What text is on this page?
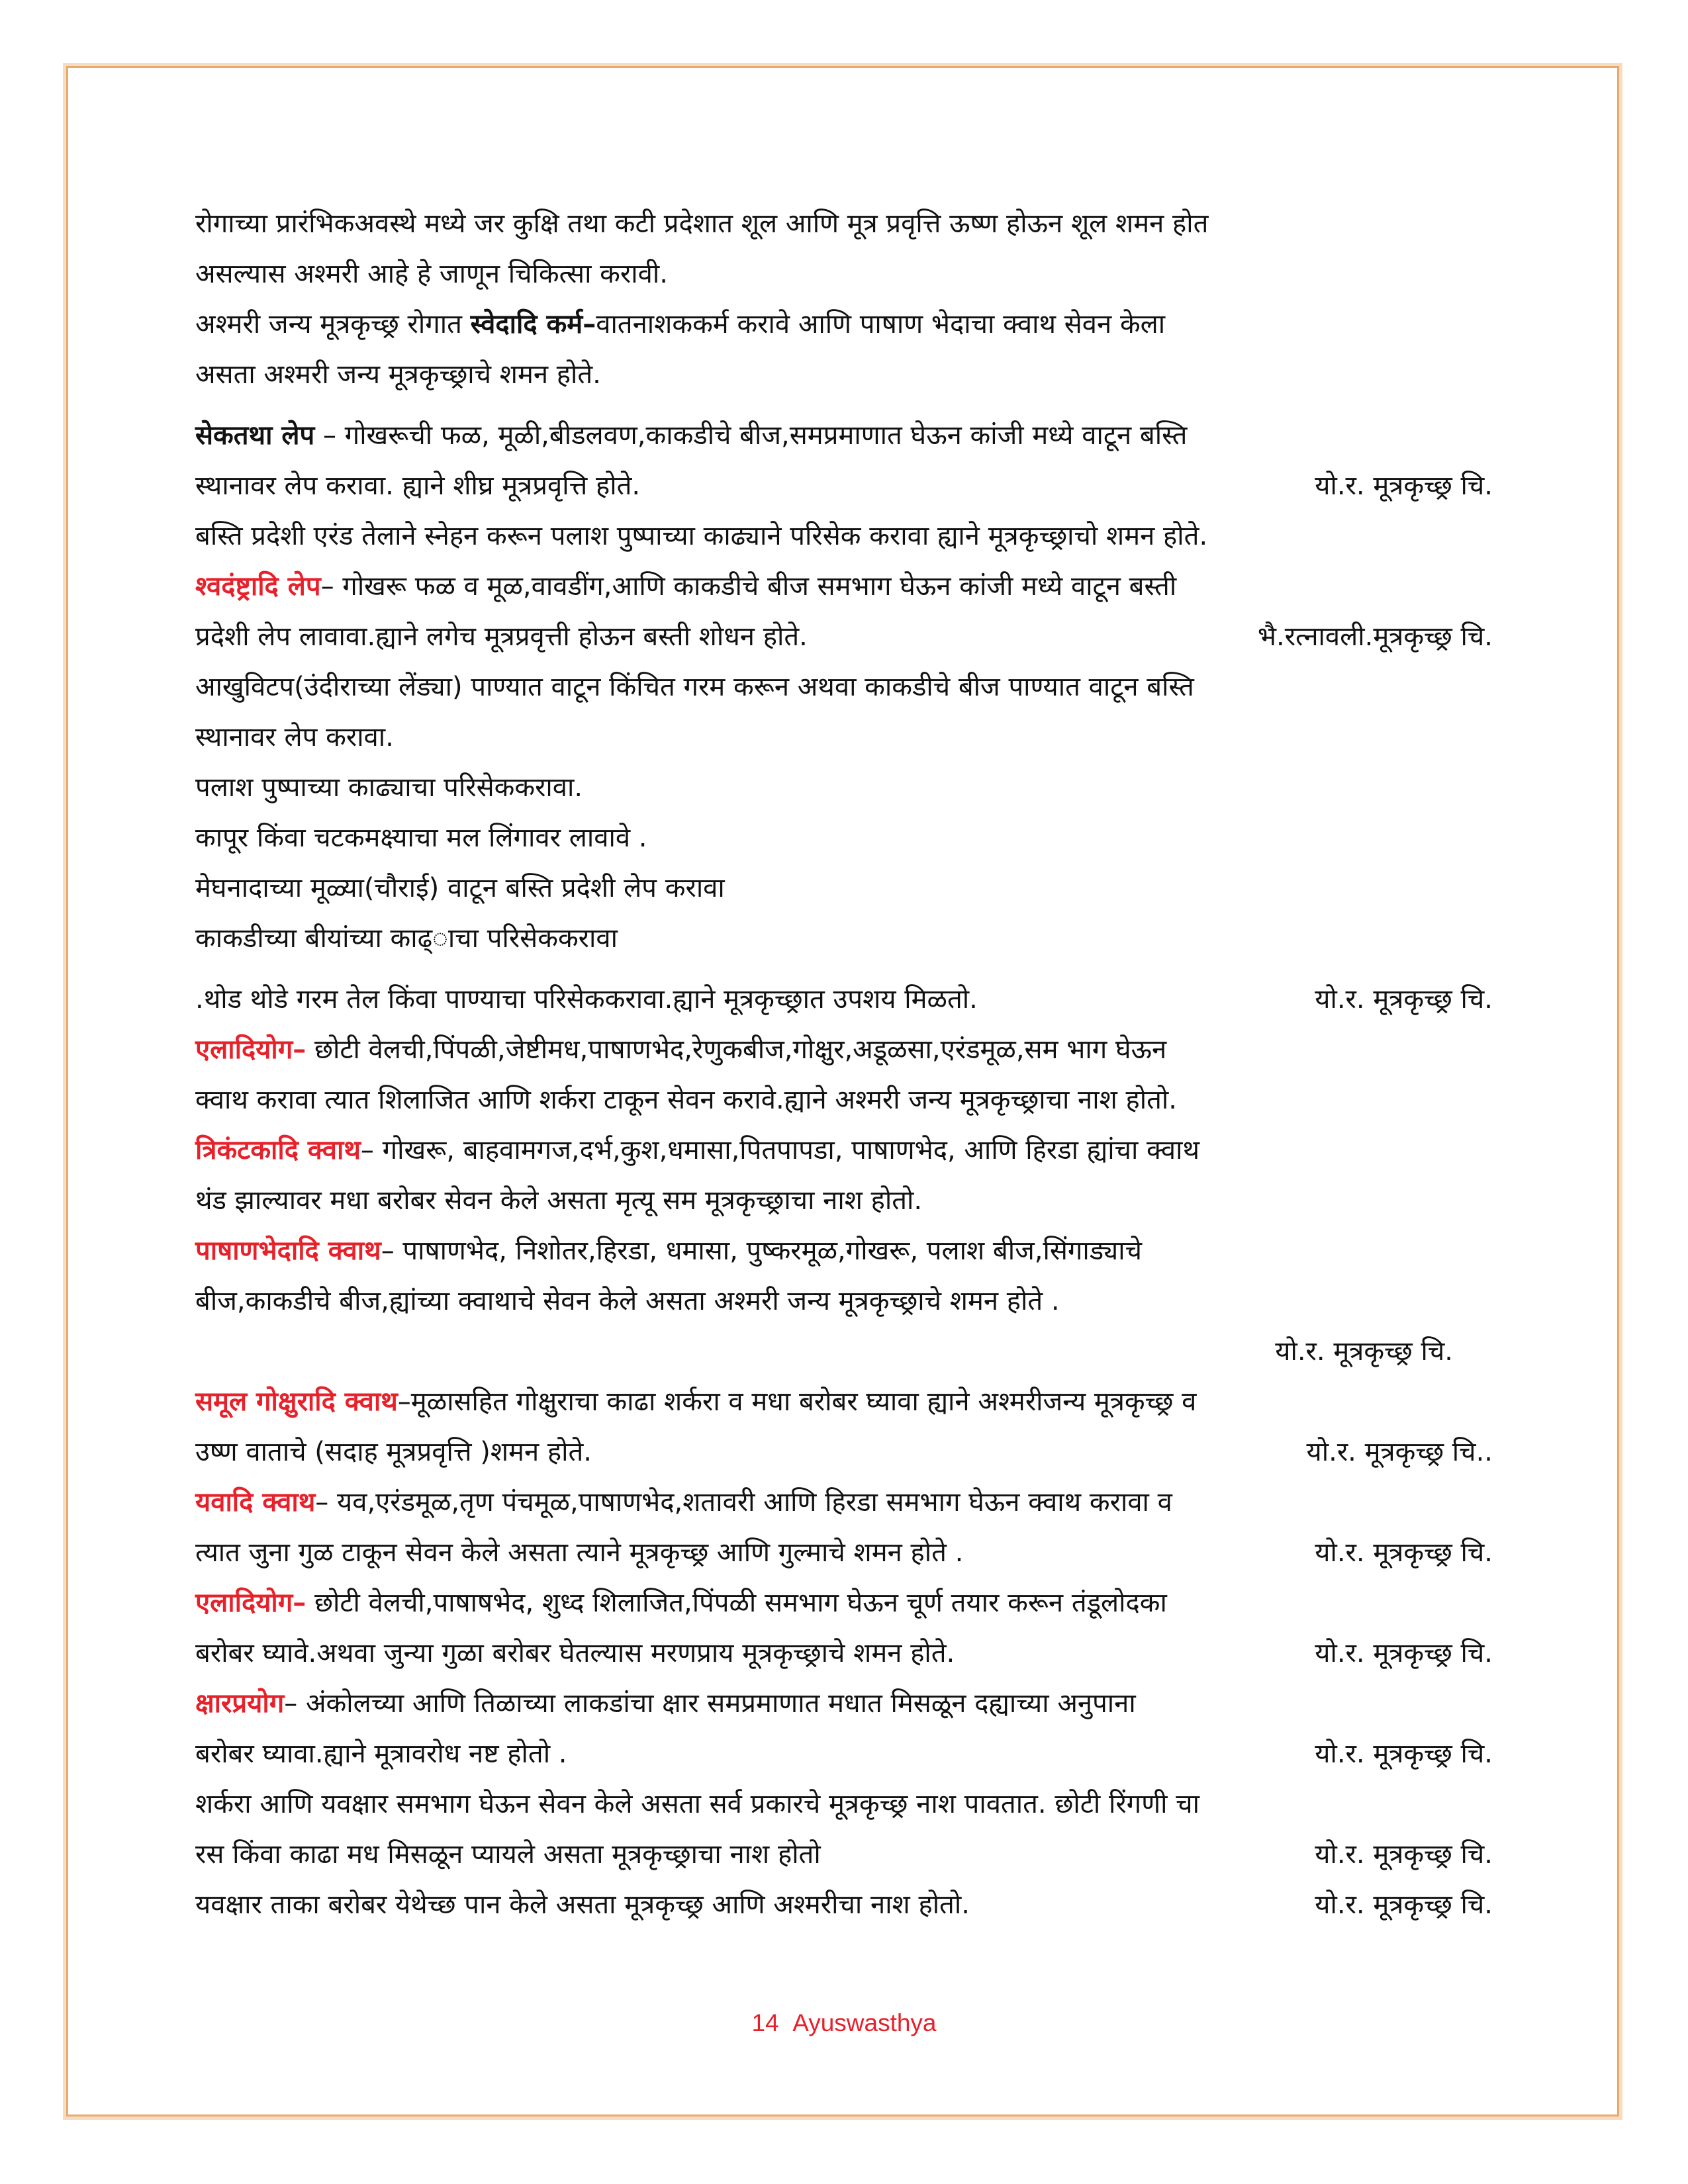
रोगाच्या प्रारंभिकअवस्थे मध्ये जर कुक्षि तथा कटी प्रदेशात शूल आणि मूत्र प्रवृत्ति ऊष्ण होऊन शूल शमन होत
असल्यास अश्मरी आहे हे जाणून चिकित्सा करावी.
अश्मरी जन्य मूत्रकृच्छ्र रोगात स्वेदादि कर्म–वातनाशककर्म करावे आणि पाषाण भेदाचा क्वाथ सेवन केला
असता अश्मरी जन्य मूत्रकृच्छ्राचे शमन होते.
सेकतथा लेप – गोखरूची फळ, मूळी,बीडलवण,काकडीचे बीज,समप्रमाणात घेऊन कांजी मध्ये वाटून बस्ति
यो.र. मूत्रकृच्छ्र चि.
स्थानावर लेप करावा. ह्याने शीघ्र मूत्रप्रवृत्ति होते.
बस्ति प्रदेशी एरंड तेलाने स्नेहन करून पलाश पुष्पाच्या काढ्याने परिसेक करावा ह्याने मूत्रकृच्छ्राचो शमन होते.
श्वदंष्ट्रादि लेप– गोखरू फळ व मूळ,वावडींग,आणि काकडीचे बीज समभाग घेऊन कांजी मध्ये वाटून बस्ती
भै.रत्नावली.मूत्रकृच्छ्र चि.
प्रदेशी लेप लावावा.ह्याने लगेच मूत्रप्रवृत्ती होऊन बस्ती शोधन होते.
आखुविटप(उंदीराच्या लेंड्या) पाण्यात वाटून किंचित गरम करून अथवा काकडीचे बीज पाण्यात वाटून बस्ति
स्थानावर लेप करावा.
पलाश पुष्पाच्या काढ्याचा परिसेककरावा.
कापूर किंवा चटकमक्ष्याचा मल लिंगावर लावावे .
मेघनादाच्या मूळ्या(चौराई) वाटून बस्ति प्रदेशी लेप करावा
काकडीच्या बीयांच्या काढ्ाचा परिसेककरावा
यो.र. मूत्रकृच्छ्र चि.
.थोड थोडे गरम तेल किंवा पाण्याचा परिसेककरावा.ह्याने मूत्रकृच्छ्रात उपशय मिळतो.
एलादियोग– छोटी वेलची,पिंपळी,जेष्टीमध,पाषाणभेद,रेणुकबीज,गोक्षुर,अडूळसा,एरंडमूळ,सम भाग घेऊन
क्वाथ करावा त्यात शिलाजित आणि शर्करा टाकून सेवन करावे.ह्याने अश्मरी जन्य मूत्रकृच्छ्राचा नाश होतो.
त्रिकंटकादि क्वाथ– गोखरू, बाहवामगज,दर्भ,कुश,धमासा,पितपापडा, पाषाणभेद, आणि हिरडा ह्यांचा क्वाथ
थंड झाल्यावर मधा बरोबर सेवन केले असता मृत्यू सम मूत्रकृच्छ्राचा नाश होतो.
पाषाणभेदादि क्वाथ– पाषाणभेद, निशोतर,हिरडा, धमासा, पुष्करमूळ,गोखरू, पलाश बीज,सिंगाड्याचे
बीज,काकडीचे बीज,ह्यांच्या क्वाथाचे सेवन केले असता अश्मरी जन्य मूत्रकृच्छ्राचे शमन होते .
यो.र. मूत्रकृच्छ्र चि.
समूल गोक्षुरादि क्वाथ–मूळासहित गोक्षुराचा काढा शर्करा व मधा बरोबर घ्यावा ह्याने अश्मरीजन्य मूत्रकृच्छ्र व
यो.र. मूत्रकृच्छ्र चि..
उष्ण वाताचे (सदाह मूत्रप्रवृत्ति )शमन होते.
यवादि क्वाथ– यव,एरंडमूळ,तृण पंचमूळ,पाषाणभेद,शतावरी आणि हिरडा समभाग घेऊन क्वाथ करावा व
यो.र. मूत्रकृच्छ्र चि.
त्यात जुना गुळ टाकून सेवन केले असता त्याने मूत्रकृच्छ्र आणि गुल्माचे शमन होते .
एलादियोग– छोटी वेलची,पाषाषभेद, शुध्द शिलाजित,पिंपळी समभाग घेऊन चूर्ण तयार करून तंडूलोदका
यो.र. मूत्रकृच्छ्र चि.
बरोबर घ्यावे.अथवा जुन्या गुळा बरोबर घेतल्यास मरणप्राय मूत्रकृच्छ्राचे शमन होते.
क्षारप्रयोग– अंकोलच्या आणि तिळाच्या लाकडांचा क्षार समप्रमाणात मधात मिसळून दह्याच्या अनुपाना
यो.र. मूत्रकृच्छ्र चि.
बरोबर घ्यावा.ह्याने मूत्रावरोध नष्ट होतो .
शर्करा आणि यवक्षार समभाग घेऊन सेवन केले असता सर्व प्रकारचे मूत्रकृच्छ्र नाश पावतात. छोटी रिंगणी चा
यो.र. मूत्रकृच्छ्र चि.
रस किंवा काढा मध मिसळून प्यायले असता मूत्रकृच्छ्राचा नाश होतो
यो.र. मूत्रकृच्छ्र चि.
यवक्षार ताका बरोबर येथेच्छ पान केले असता मूत्रकृच्छ्र आणि अश्मरीचा नाश होतो.
14 Ayuswasthya
